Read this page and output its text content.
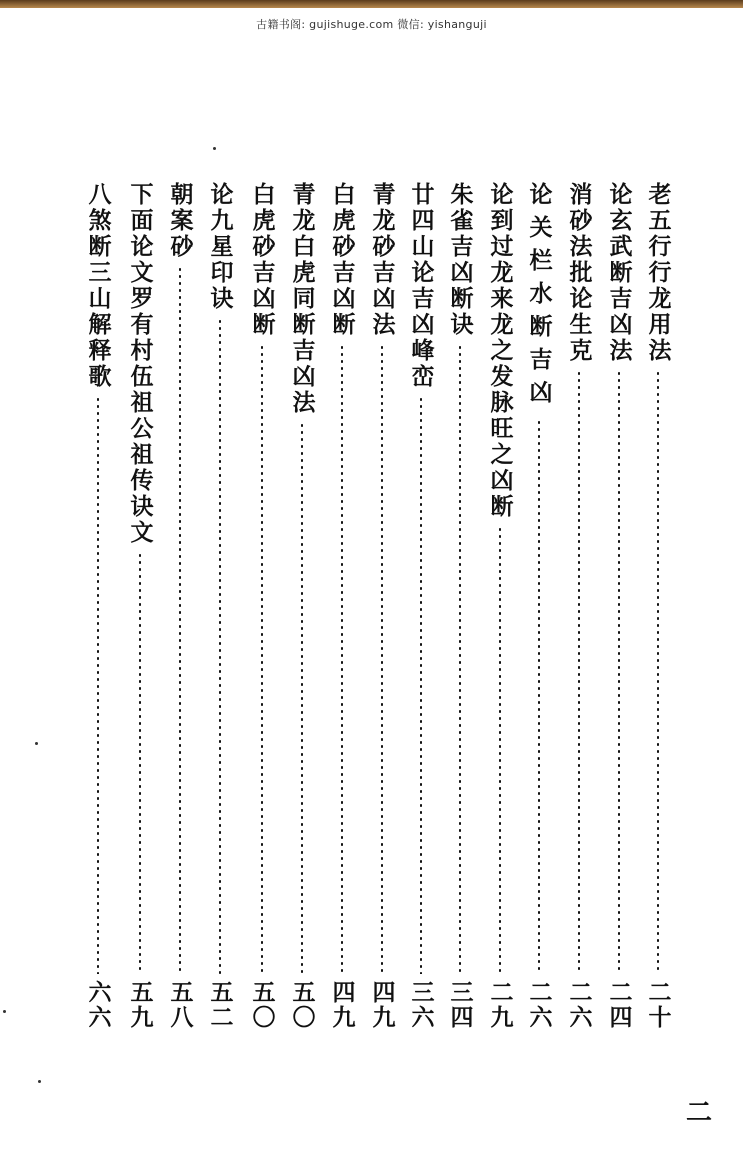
古籍书阁: gujishuge.com 微信: yishanguji
老五行行龙用法
二十
论玄武断吉凶法
二四
消砂法批论生克
二六
论关栏水断吉凶
二六
论到过龙来龙之发脉旺之凶断
二九
朱雀吉凶断诀
三四
廿四山论吉凶峰峦
三六
青龙砂吉凶法
四九
白虎砂吉凶断
四九
青龙白虎同断吉凶法
五〇
白虎砂吉凶断
五〇
论九星印诀
五二
朝案砂
五八
下面论文罗有村伍祖公祖传诀文
五九
八煞断三山解释歌
六六
二
